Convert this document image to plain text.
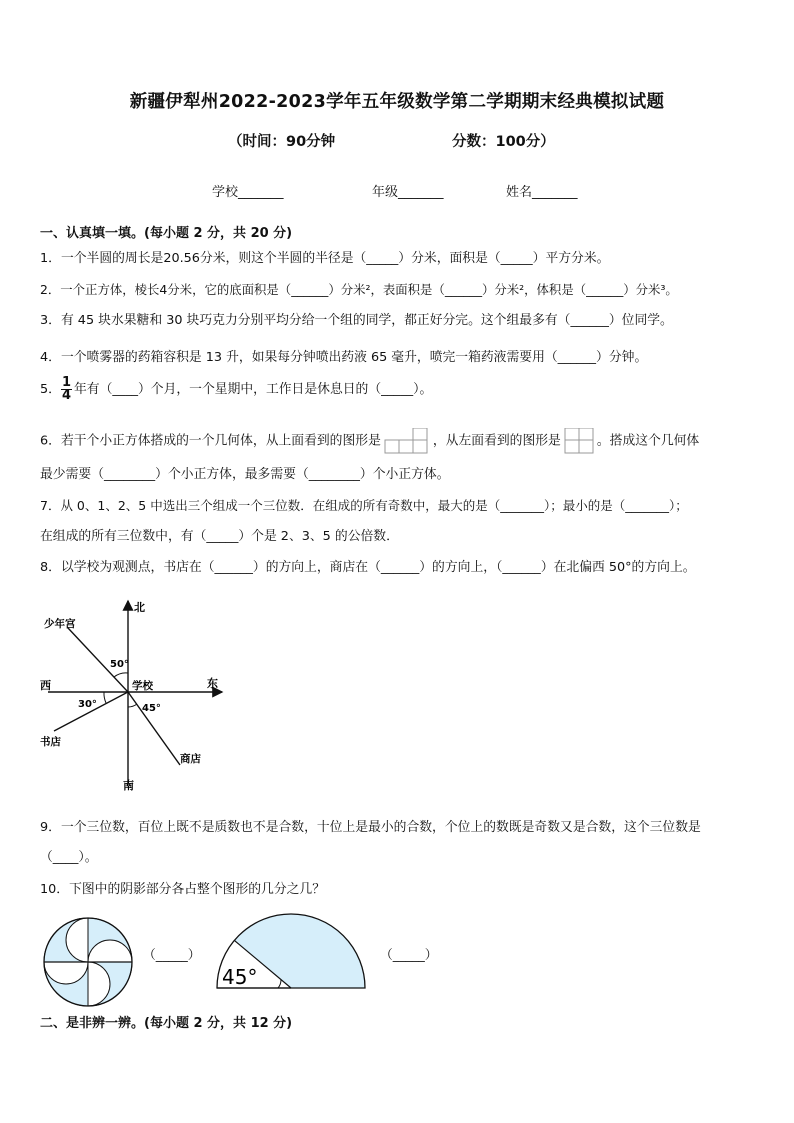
新疆伊犁州2022-2023学年五年级数学第二学期期末经典模拟试题
（时间：90分钟	分数：100分）
学校_______	年级_______	姓名_______
一、认真填一填。(每小题 2 分，共 20 分)
1．一个半圆的周长是20.56分米，则这个半圆的半径是（_____）分米，面积是（_____）平方分米。
2．一个正方体，棱长4分米，它的底面积是（______）分米²，表面积是（______）分米²，体积是（______）分米³。
3．有 45 块水果糖和 30 块巧克力分别平均分给一个组的同学，都正好分完。这个组最多有（______）位同学。
4．一个喷雾器的药箱容积是 13 升，如果每分钟喷出药液 65 毫升，喷完一箱药液需要用（______）分钟。
5． $\frac{1}{4}$ 年有（____）个月，一个星期中，工作日是休息日的（_____）。
6．若干个小正方体搭成的一个几何体，从上面看到的图形是	，从左面看到的图形是	。搭成这个几何体
最少需要（________）个小正方体，最多需要（________）个小正方体。
7．从 0、1、2、5 中选出三个组成一个三位数．在组成的所有奇数中，最大的是（_______）；最小的是（_______）；
在组成的所有三位数中，有（_____）个是 2、3、5 的公倍数．
8．以学校为观测点，书店在（______）的方向上，商店在（______）的方向上，（______）在北偏西 50°的方向上。
北
南
东
西	学校
少年宫
书店
商店
50°
30°	45°
9．一个三位数，百位上既不是质数也不是合数，十位上是最小的合数，个位上的数既是奇数又是合数，这个三位数是
（____）。
10．下图中的阴影部分各占整个图形的几分之几？
（_____）
45°
（_____）
二、是非辨一辨。(每小题 2 分，共 12 分)
